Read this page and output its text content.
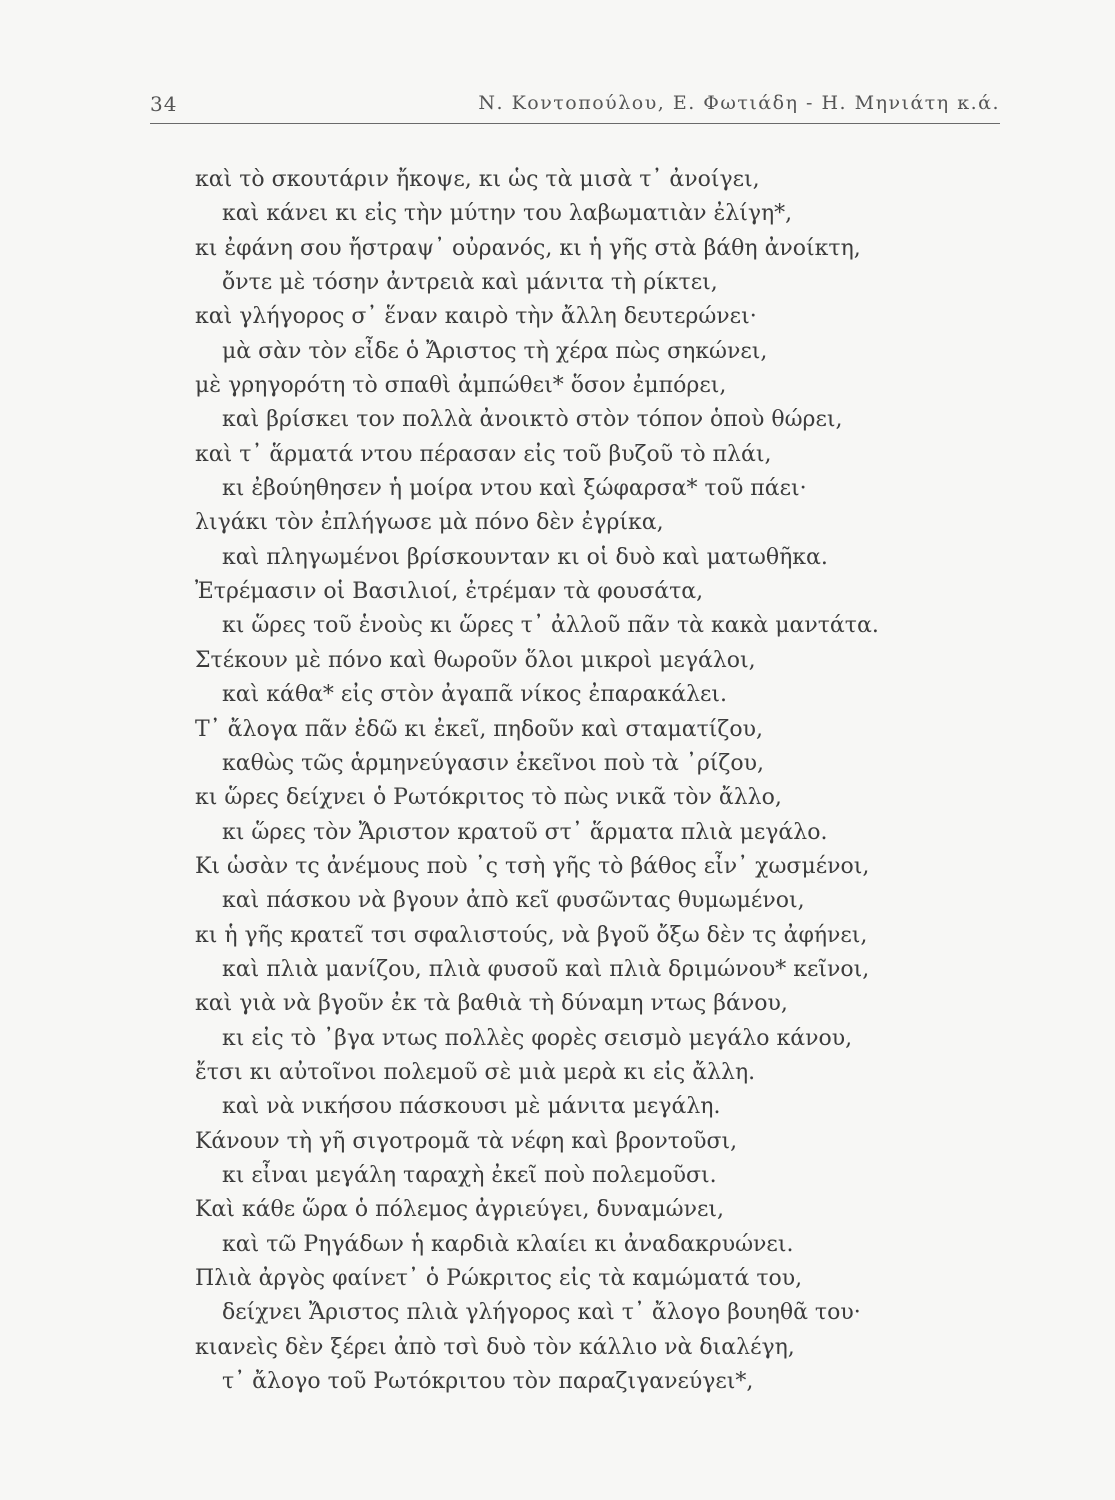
34	Ν. Κοντοπούλου, Ε. Φωτιάδη - Η. Μηνιάτη κ.ά.
καὶ τὸ σκουτάριν ἤκοψε, κι ὡς τὰ μισὰ τ᾽ ἀνοίγει,
καὶ κάνει κι εἰς τὴν μύτην του λαβωματιὰν ἐλίγη*,
κι ἐφάνη σου ἤστραψ᾽ οὐρανός, κι ἡ γῆς στὰ βάθη ἀνοίκτη,
ὄντε μὲ τόσην ἀντρειὰ καὶ μάνιτα τὴ ρίκτει,
καὶ γλήγορος σ᾽ ἕναν καιρὸ τὴν ἄλλη δευτερώνει·
μὰ σὰν τὸν εἶδε ὁ Ἄριστος τὴ χέρα πὼς σηκώνει,
μὲ γρηγορότη τὸ σπαθὶ ἀμπώθει* ὅσον ἐμπόρει,
καὶ βρίσκει τον πολλὰ ἀνοικτὸ στὸν τόπον ὁποὺ θώρει,
καὶ τ᾽ ἅρματά ντου πέρασαν εἰς τοῦ βυζοῦ τὸ πλάι,
κι ἐβούηθησεν ἡ μοίρα ντου καὶ ξώφαρσα* τοῦ πάει·
λιγάκι τὸν ἐπλήγωσε μὰ πόνο δὲν ἐγρίκα,
καὶ πληγωμένοι βρίσκουνταν κι οἱ δυὸ καὶ ματωθῆκα.
Ἐτρέμασιν οἱ Βασιλιοί, ἐτρέμαν τὰ φουσάτα,
κι ὥρες τοῦ ἑνοὺς κι ὥρες τ᾽ ἀλλοῦ πᾶν τὰ κακὰ μαντάτα.
Στέκουν μὲ πόνο καὶ θωροῦν ὅλοι μικροὶ μεγάλοι,
καὶ κάθα* εἰς στὸν ἀγαπᾶ νίκος ἐπαρακάλει.
Τ᾽ ἄλογα πᾶν ἐδῶ κι ἐκεῖ, πηδοῦν καὶ σταματίζου,
καθὼς τῶς ἁρμηνεύγασιν ἐκεῖνοι ποὺ τὰ ᾽ρίζου,
κι ὥρες δείχνει ὁ Ρωτόκριτος τὸ πὼς νικᾶ τὸν ἄλλο,
κι ὥρες τὸν Ἄριστον κρατοῦ στ᾽ ἅρματα πλιὰ μεγάλο.
Κι ὡσὰν τς ἀνέμους ποὺ ᾽ς τσὴ γῆς τὸ βάθος εἶν᾽ χωσμένοι,
καὶ πάσκου νὰ βγουν ἀπὸ κεῖ φυσῶντας θυμωμένοι,
κι ἡ γῆς κρατεῖ τσι σφαλιστούς, νὰ βγοῦ ὄξω δὲν τς ἀφήνει,
καὶ πλιὰ μανίζου, πλιὰ φυσοῦ καὶ πλιὰ δριμώνου* κεῖνοι,
καὶ γιὰ νὰ βγοῦν ἐκ τὰ βαθιὰ τὴ δύναμη ντως βάνου,
κι εἰς τὸ ᾽βγα ντως πολλὲς φορὲς σεισμὸ μεγάλο κάνου,
ἔτσι κι αὐτοῖνοι πολεμοῦ σὲ μιὰ μερὰ κι εἰς ἄλλη.
καὶ νὰ νικήσου πάσκουσι μὲ μάνιτα μεγάλη.
Κάνουν τὴ γῆ σιγοτρομᾶ τὰ νέφη καὶ βροντοῦσι,
κι εἶναι μεγάλη ταραχὴ ἐκεῖ ποὺ πολεμοῦσι.
Καὶ κάθε ὥρα ὁ πόλεμος ἀγριεύγει, δυναμώνει,
καὶ τῶ Ρηγάδων ἡ καρδιὰ κλαίει κι ἀναδακρυώνει.
Πλιὰ ἀργὸς φαίνετ᾽ ὁ Ρώκριτος εἰς τὰ καμώματά του,
δείχνει Ἄριστος πλιὰ γλήγορος καὶ τ᾽ ἄλογο βουηθᾶ του·
κιανεὶς δὲν ξέρει ἀπὸ τσὶ δυὸ τὸν κάλλιο νὰ διαλέγη,
τ᾽ ἄλογο τοῦ Ρωτόκριτου τὸν παραζιγανεύγει*,
